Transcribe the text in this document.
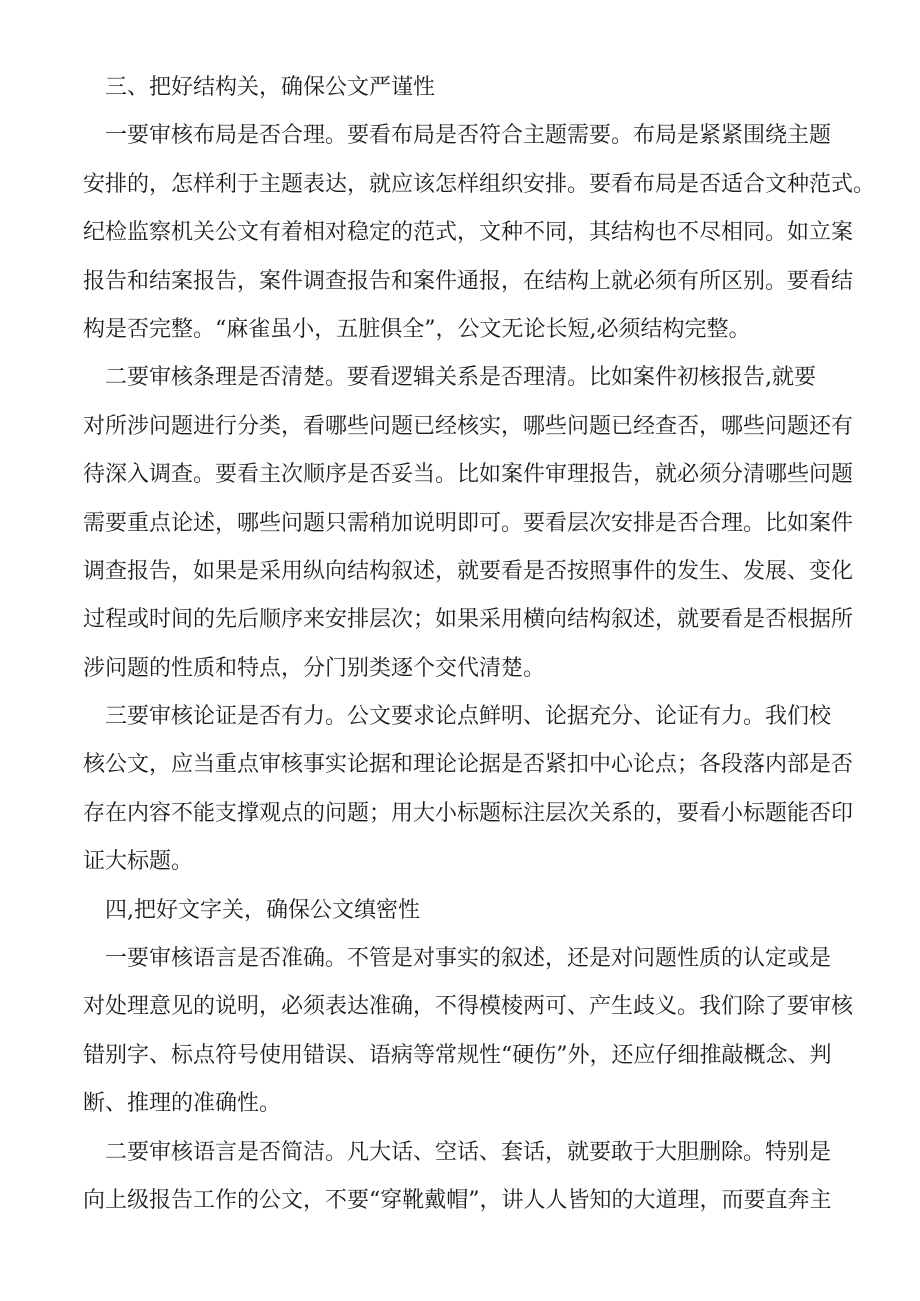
三、把好结构关，确保公文严谨性
一要审核布局是否合理。要看布局是否符合主题需要。布局是紧紧围绕主题
安排的，怎样利于主题表达，就应该怎样组织安排。要看布局是否适合文种范式。
纪检监察机关公文有着相对稳定的范式，文种不同，其结构也不尽相同。如立案
报告和结案报告，案件调查报告和案件通报，在结构上就必须有所区别。要看结
构是否完整。“麻雀虽小，五脏俱全”，公文无论长短,必须结构完整。
二要审核条理是否清楚。要看逻辑关系是否理清。比如案件初核报告,就要
对所涉问题进行分类，看哪些问题已经核实，哪些问题已经查否，哪些问题还有
待深入调查。要看主次顺序是否妥当。比如案件审理报告，就必须分清哪些问题
需要重点论述，哪些问题只需稍加说明即可。要看层次安排是否合理。比如案件
调查报告，如果是采用纵向结构叙述，就要看是否按照事件的发生、发展、变化
过程或时间的先后顺序来安排层次；如果采用横向结构叙述，就要看是否根据所
涉问题的性质和特点，分门别类逐个交代清楚。
三要审核论证是否有力。公文要求论点鲜明、论据充分、论证有力。我们校
核公文，应当重点审核事实论据和理论论据是否紧扣中心论点；各段落内部是否
存在内容不能支撑观点的问题；用大小标题标注层次关系的，要看小标题能否印
证大标题。
四,把好文字关，确保公文缜密性
一要审核语言是否准确。不管是对事实的叙述，还是对问题性质的认定或是
对处理意见的说明，必须表达准确，不得模棱两可、产生歧义。我们除了要审核
错别字、标点符号使用错误、语病等常规性“硬伤”外，还应仔细推敲概念、判
断、推理的准确性。
二要审核语言是否简洁。凡大话、空话、套话，就要敢于大胆删除。特别是
向上级报告工作的公文，不要“穿靴戴帽”，讲人人皆知的大道理，而要直奔主
